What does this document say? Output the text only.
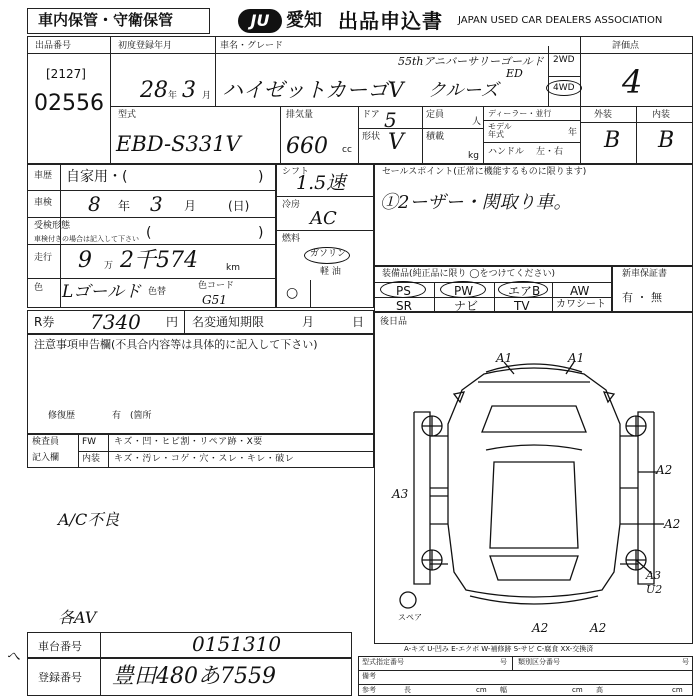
車内保管・守衛保管	JU 愛知 出品申込書 JAPAN USED CAR DEALERS ASSOCIATION
出品番号
[2127]
02556
初度登録年月
28 年 3 月
車名・グレード
ハイゼットカーゴV
55thアニバーサリーゴールド
ED
クルーズ
2WD
4WD
評価点
4
外装	内装
B B
型式
EBD-S331V
排気量
660 cc
ドア 5
形状 V
定員
人
積載
kg
ディーラー・並行
モデル年式	年
ハンドル 左・右
車歴 自家用・(	)
車検 8 年 3 月	(日)
受検形態
車検付きの場合は記入して下さい (	)
走行 9 万 2千574	km
色 Lゴールド 色替
色コード
G51
シフト
1.5速
冷房
AC
燃料
ガソリン
軽 油
○
セールスポイント(正常に機能するものに限ります)
①2ーザー・関取り車。
装備品(純正品に限り ◯をつけてください)
PS	PW	エアB AW
SR	ナビ	TV	カワシート
新車保証書
有 ・ 無
R券 7340 円 名変通知期限	月	日
注意事項申告欄(不具合内容等は具体的に記入して下さい)
修復歴	有 (箇所
検査員
記入欄
FW キズ・凹・ヒビ割・リペア跡・X要
内装 キズ・汚レ・コゲ・穴・スレ・キレ・破レ
A/C不良
各AV
後日品
A1	A1
A2
A3
A2
A3
U2
A2	A2
スペア
A-キズ U-凹み E-エクボ W-補修跡 S-サビ C-腐食 XX-交換済
車台番号	0151310
登録番号 豊田480あ7559
型式指定番号	号 類別区分番号	号
備考
長	cm 幅	cm 高	cm
参考
へ
